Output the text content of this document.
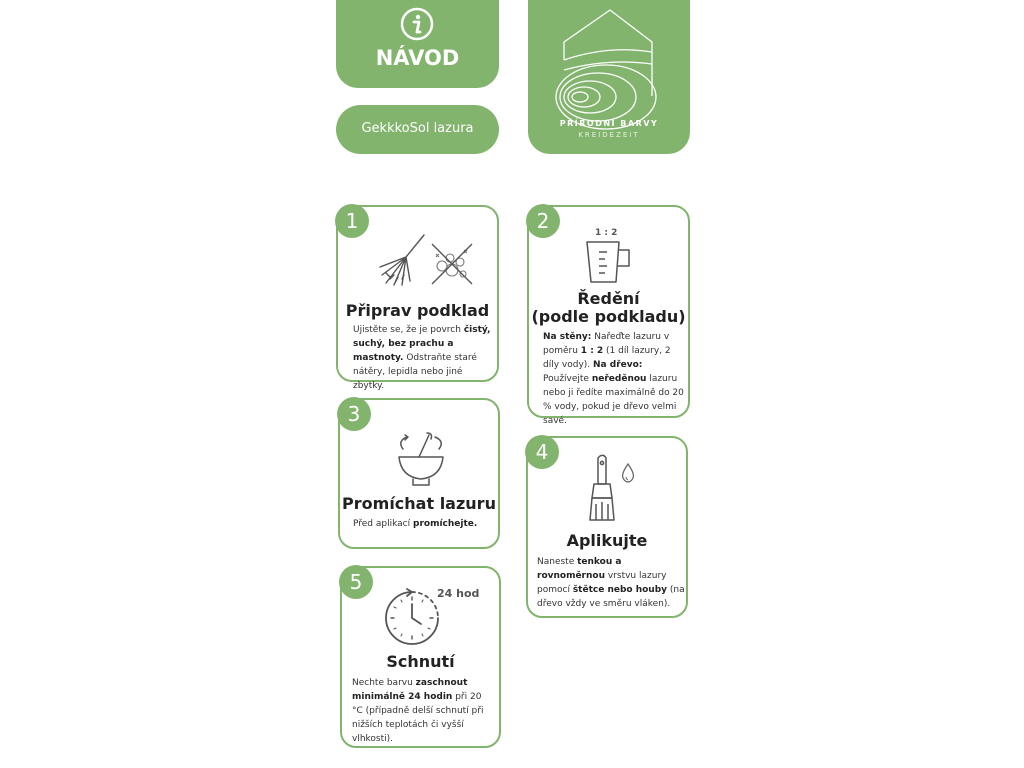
NÁVOD
GekkkoSol lazura	PŘÍRODNÍ BARVY
KREIDEZEIT
1
Připrav podklad
Ujistěte se, že je povrch čistý, suchý, bez prachu a mastnoty. Odstraňte staré nátěry, lepidla nebo jiné zbytky.
2	1 : 2
Ředění
(podle podkladu)
Na stěny: Nařeďte lazuru v poměru 1 : 2 (1 díl lazury, 2 díly vody). Na dřevo: Používejte neředěnou lazuru nebo ji ředíte maximálně do 20 % vody, pokud je dřevo velmi savé.
3
Promíchat lazuru
Před aplikací promíchejte.
4
Aplikujte
Naneste tenkou a rovnoměrnou vrstvu lazury pomocí štětce nebo houby (na dřevo vždy ve směru vláken).
5	24 hod
Schnutí
Nechte barvu zaschnout minimálně 24 hodin při 20 °C (případně delší schnutí při nižších teplotách či vyšší vlhkosti).
